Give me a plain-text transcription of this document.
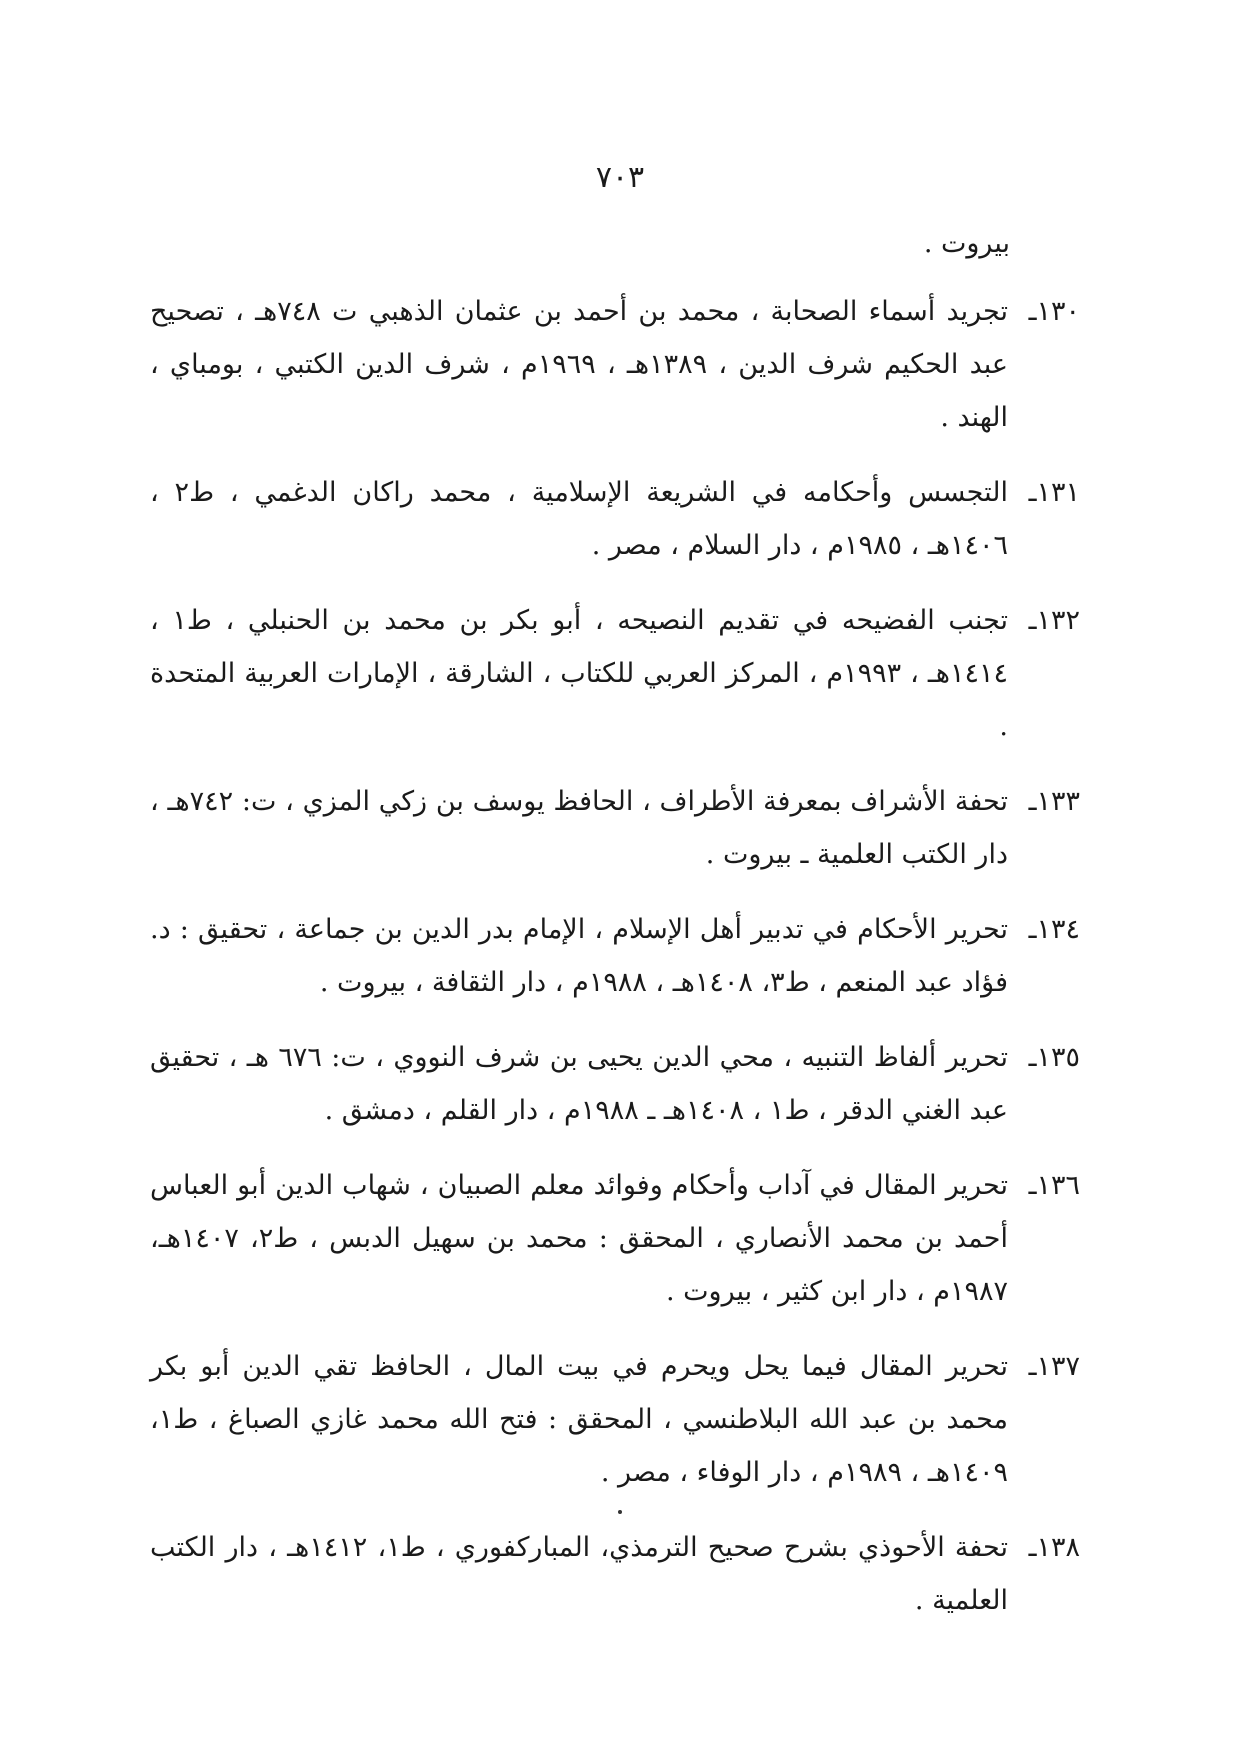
٧٠٣
بيروت .
١٣٠ـ
تجريد أسماء الصحابة ، محمد بن أحمد بن عثمان الذهبي ت ٧٤٨هـ ، تصحيح عبد الحكيم شرف الدين ، ١٣٨٩هـ ، ١٩٦٩م ، شرف الدين الكتبي ، بومباي ، الهند .
١٣١ـ
التجسس وأحكامه في الشريعة الإسلامية ، محمد راكان الدغمي ، ط٢ ، ١٤٠٦هـ ، ١٩٨٥م ، دار السلام ، مصر .
١٣٢ـ
تجنب الفضيحه في تقديم النصيحه ، أبو بكر بن محمد بن الحنبلي ، ط١ ، ١٤١٤هـ ، ١٩٩٣م ، المركز العربي للكتاب ، الشارقة ، الإمارات العربية المتحدة .
١٣٣ـ
تحفة الأشراف بمعرفة الأطراف ، الحافظ يوسف بن زكي المزي ، ت: ٧٤٢هـ ، دار الكتب العلمية ـ بيروت .
١٣٤ـ
تحرير الأحكام في تدبير أهل الإسلام ، الإمام بدر الدين بن جماعة ، تحقيق : د. فؤاد عبد المنعم ، ط٣، ١٤٠٨هـ ، ١٩٨٨م ، دار الثقافة ، بيروت .
١٣٥ـ
تحرير ألفاظ التنبيه ، محي الدين يحيى بن شرف النووي ، ت: ٦٧٦ هـ ، تحقيق عبد الغني الدقر ، ط١ ، ١٤٠٨هـ ـ ١٩٨٨م ، دار القلم ، دمشق .
١٣٦ـ
تحرير المقال في آداب وأحكام وفوائد معلم الصبيان ، شهاب الدين أبو العباس أحمد بن محمد الأنصاري ، المحقق : محمد بن سهيل الدبس ، ط٢، ١٤٠٧هـ، ١٩٨٧م ، دار ابن كثير ، بيروت .
١٣٧ـ
تحرير المقال فيما يحل ويحرم في بيت المال ، الحافظ تقي الدين أبو بكر محمد بن عبد الله البلاطنسي ، المحقق : فتح الله محمد غازي الصباغ ، ط١، ١٤٠٩هـ ، ١٩٨٩م ، دار الوفاء ، مصر .
١٣٨ـ
تحفة الأحوذي بشرح صحيح الترمذي، المباركفوري ، ط١، ١٤١٢هـ ، دار الكتب العلمية .
